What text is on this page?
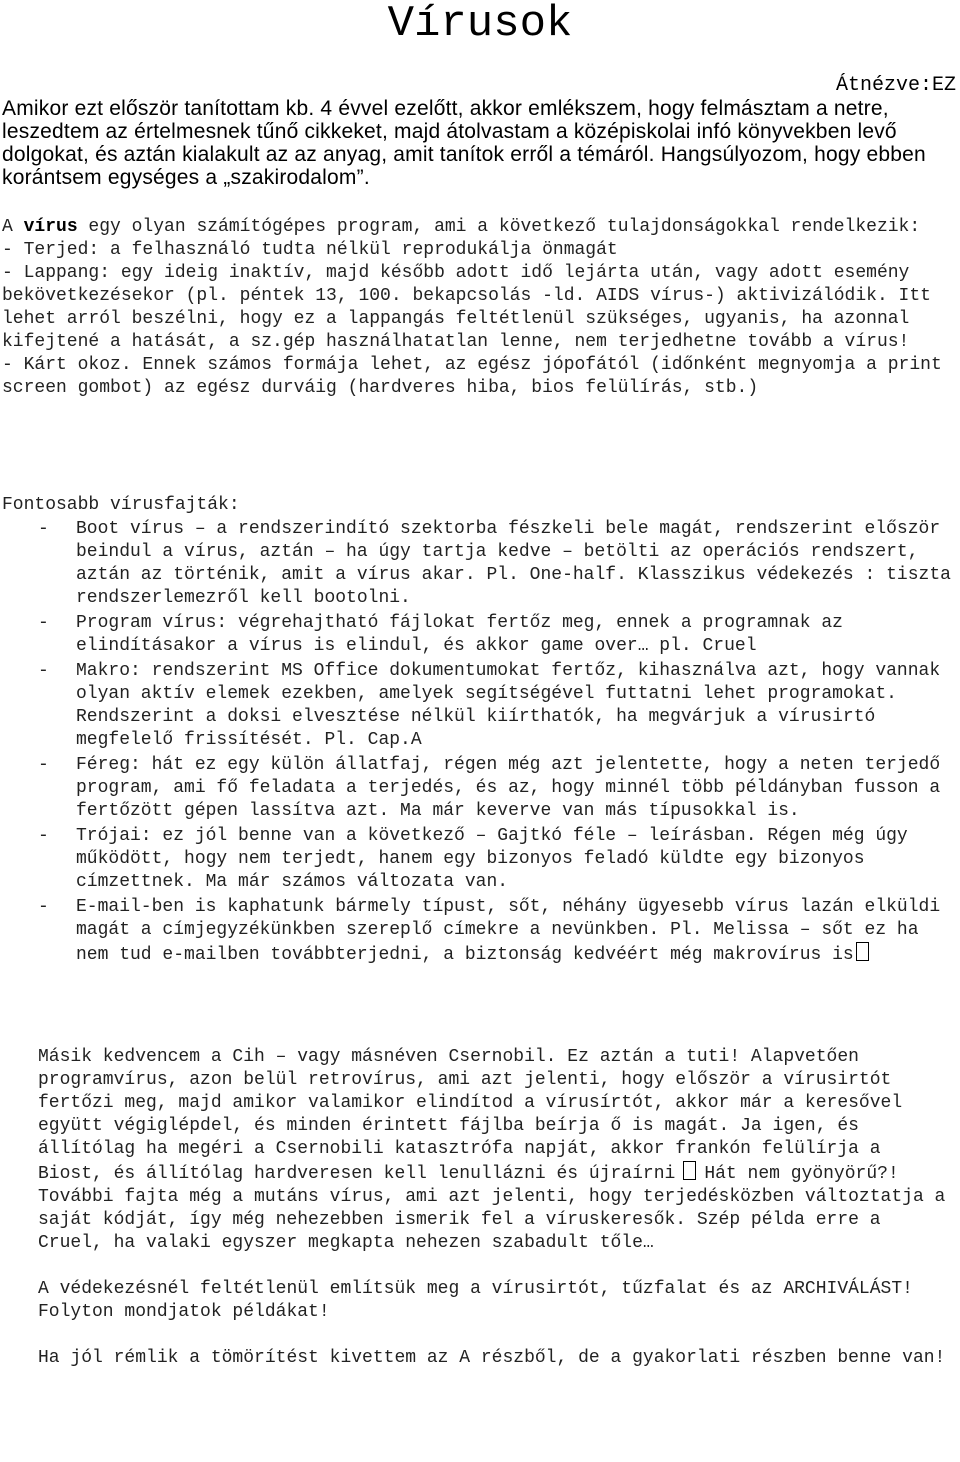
Vírusok
Átnézve:EZ

Amikor ezt először tanítottam kb. 4 évvel ezelőtt, akkor emlékszem, hogy felmásztam a netre, leszedtem az értelmesnek tűnő cikkeket, majd átolvastam a középiskolai infó könyvekben levő dolgokat, és aztán kialakult az az anyag, amit tanítok erről a témáról. Hangsúlyozom, hogy ebben korántsem egységes a „szakirodalom”.

A vírus egy olyan számítógépes program, ami a következő tulajdonságokkal rendelkezik:

- Terjed: a felhasználó tudta nélkül reprodukálja önmagát

- Lappang: egy ideig inaktív, majd később adott idő lejárta után, vagy adott esemény bekövetkezésekor (pl. péntek 13, 100. bekapcsolás -ld. AIDS vírus-) aktivizálódik. Itt lehet arról beszélni, hogy ez a lappangás feltétlenül szükséges, ugyanis, ha azonnal kifejtené a hatását, a sz.gép használhatatlan lenne, nem terjedhetne tovább a vírus!

- Kárt okoz. Ennek számos formája lehet, az egész jópofától (időnként megnyomja a print screen gombot) az egész durváig (hardveres hiba, bios felülírás, stb.)

Fontosabb vírusfajták:
- Boot vírus – a rendszerindító szektorba fészkeli bele magát, rendszerint először beindul a vírus, aztán – ha úgy tartja kedve – betölti az operációs rendszert, aztán az történik, amit a vírus akar. Pl. One-half. Klasszikus védekezés : tiszta rendszerlemezről kell bootolni.
- Program vírus: végrehajtható fájlokat fertőz meg, ennek a programnak az elindításakor a vírus is elindul, és akkor game over… pl. Cruel
- Makro: rendszerint MS Office dokumentumokat fertőz, kihasználva azt, hogy vannak olyan aktív elemek ezekben, amelyek segítségével futtatni lehet programokat. Rendszerint a doksi elvesztése nélkül kiírthatók, ha megvárjuk a vírusirtó megfelelő frissítését. Pl. Cap.A
- Féreg: hát ez egy külön állatfaj, régen még azt jelentette, hogy a neten terjedő program, ami fő feladata a terjedés, és az, hogy minnél több példányban fusson a fertőzött gépen lassítva azt. Ma már keverve van más típusokkal is.
- Trójai: ez jól benne van a következő – Gajtkó féle – leírásban. Régen még úgy működött, hogy nem terjedt, hanem egy bizonyos feladó küldte egy bizonyos címzettnek. Ma már számos változata van.
- E-mail-ben is kaphatunk bármely típust, sőt, néhány ügyesebb vírus lazán elküldi magát a címjegyzékünkben szereplő címekre a nevünkben. Pl. Melissa – sőt ez ha nem tud e-mailben továbbterjedni, a biztonság kedvéért még makrovírus is

Másik kedvencem a Cih – vagy másnéven Csernobil. Ez aztán a tuti! Alapvetően programvírus, azon belül retrovírus, ami azt jelenti, hogy először a vírusirtót fertőzi meg, majd amikor valamikor elindítod a vírusírtót, akkor már a keresővel együtt végiglépdel, és minden érintett fájlba beírja ő is magát. Ja igen, és állítólag ha megéri a Csernobili katasztrófa napját, akkor frankón felülírja a Biost, és állítólag hardveresen kell lenullázni és újraírni Hát nem gyönyörű?!

További fajta még a mutáns vírus, ami azt jelenti, hogy terjedésközben változtatja a saját kódját, így még nehezebben ismerik fel a víruskeresők. Szép példa erre a Cruel, ha valaki egyszer megkapta nehezen szabadult tőle…

A védekezésnél feltétlenül említsük meg a vírusirtót, tűzfalat és az ARCHIVÁLÁST!

Folyton mondjatok példákat!

Ha jól rémlik a tömörítést kivettem az A részből, de a gyakorlati részben benne van!
